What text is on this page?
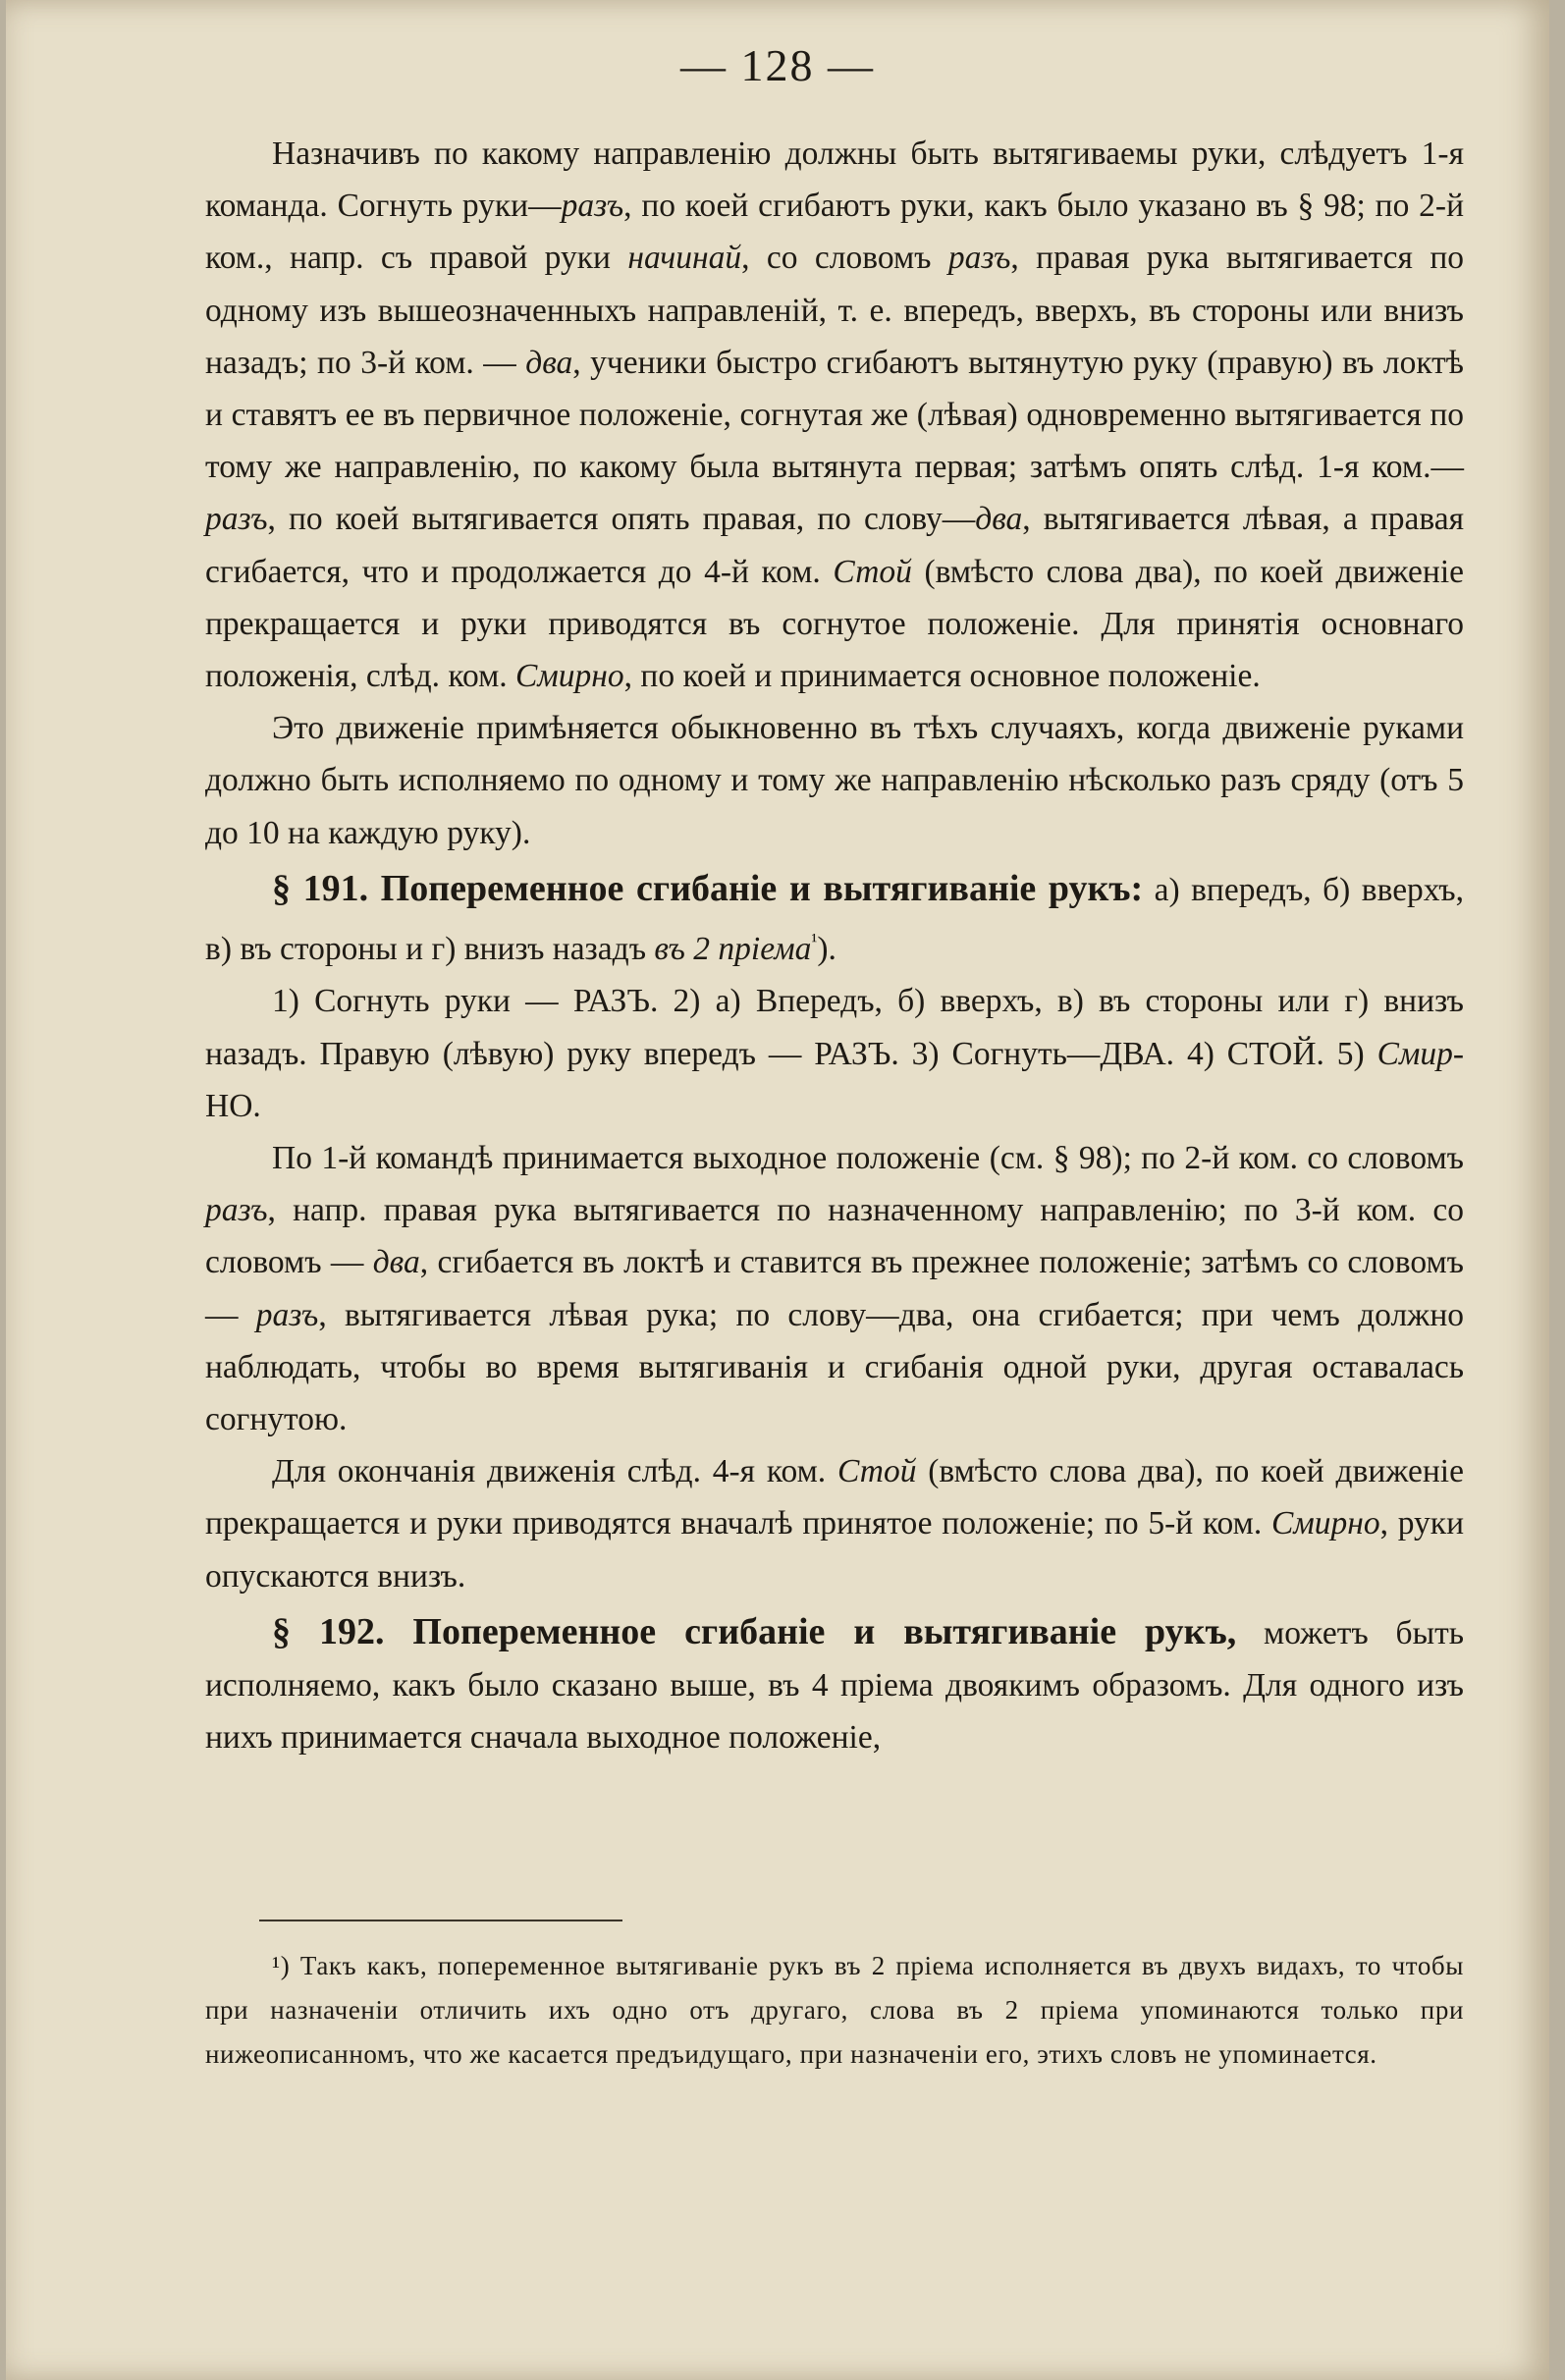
— 128 —

Назначивъ по какому направленію должны быть вытягиваемы руки, слѣдуетъ 1-я команда. Согнуть руки—разъ, по коей сгибаютъ руки, какъ было указано въ § 98; по 2-й ком., напр. съ правой руки начинай, со словомъ разъ, правая рука вытягивается по одному изъ вышеозначенныхъ направленій, т. е. впередъ, вверхъ, въ стороны или внизъ назадъ; по 3-й ком. — два, ученики быстро сгибаютъ вытянутую руку (правую) въ локтѣ и ставятъ ее въ первичное положеніе, согнутая же (лѣвая) одновременно вытягивается по тому же направленію, по какому была вытянута первая; затѣмъ опять слѣд. 1-я ком.—разъ, по коей вытягивается опять правая, по слову—два, вытягивается лѣвая, а правая сгибается, что и продолжается до 4-й ком. Стой (вмѣсто слова два), по коей движеніе прекращается и руки приводятся въ согнутое положеніе. Для принятія основнаго положенія, слѣд. ком. Смирно, по коей и принимается основное положеніе.

Это движеніе примѣняется обыкновенно въ тѣхъ случаяхъ, когда движеніе руками должно быть исполняемо по одному и тому же направленію нѣсколько разъ сряду (отъ 5 до 10 на каждую руку).

§ 191. Попеременное сгибаніе и вытягиваніе рукъ: а) впередъ, б) вверхъ, в) въ стороны и г) внизъ назадъ въ 2 пріема$^{^1}$).

1) Согнуть руки — РАЗЪ. 2) а) Впередъ, б) вверхъ, в) въ стороны или г) внизъ назадъ. Правую (лѣвую) руку впередъ — РАЗЪ. 3) Согнуть—ДВА. 4) СТОЙ. 5) Смир-НО.

По 1-й командѣ принимается выходное положеніе (см. § 98); по 2-й ком. со словомъ разъ, напр. правая рука вытягивается по назначенному направленію; по 3-й ком. со словомъ — два, сгибается въ локтѣ и ставится въ прежнее положеніе; затѣмъ со словомъ — разъ, вытягивается лѣвая рука; по слову—два, она сгибается; при чемъ должно наблюдать, чтобы во время вытягиванія и сгибанія одной руки, другая оставалась согнутою.

Для окончанія движенія слѣд. 4-я ком. Стой (вмѣсто слова два), по коей движеніе прекращается и руки приводятся вначалѣ принятое положеніе; по 5-й ком. Смирно, руки опускаются внизъ.

§ 192. Попеременное сгибаніе и вытягиваніе рукъ, можетъ быть исполняемо, какъ было сказано выше, въ 4 пріема двоякимъ образомъ. Для одного изъ нихъ принимается сначала выходное положеніе,

¹) Такъ какъ, попеременное вытягиваніе рукъ въ 2 пріема исполняется въ двухъ видахъ, то чтобы при назначеніи отличить ихъ одно отъ другаго, слова въ 2 пріема упоминаются только при нижеописанномъ, что же касается предъидущаго, при назначеніи его, этихъ словъ не упоминается.
